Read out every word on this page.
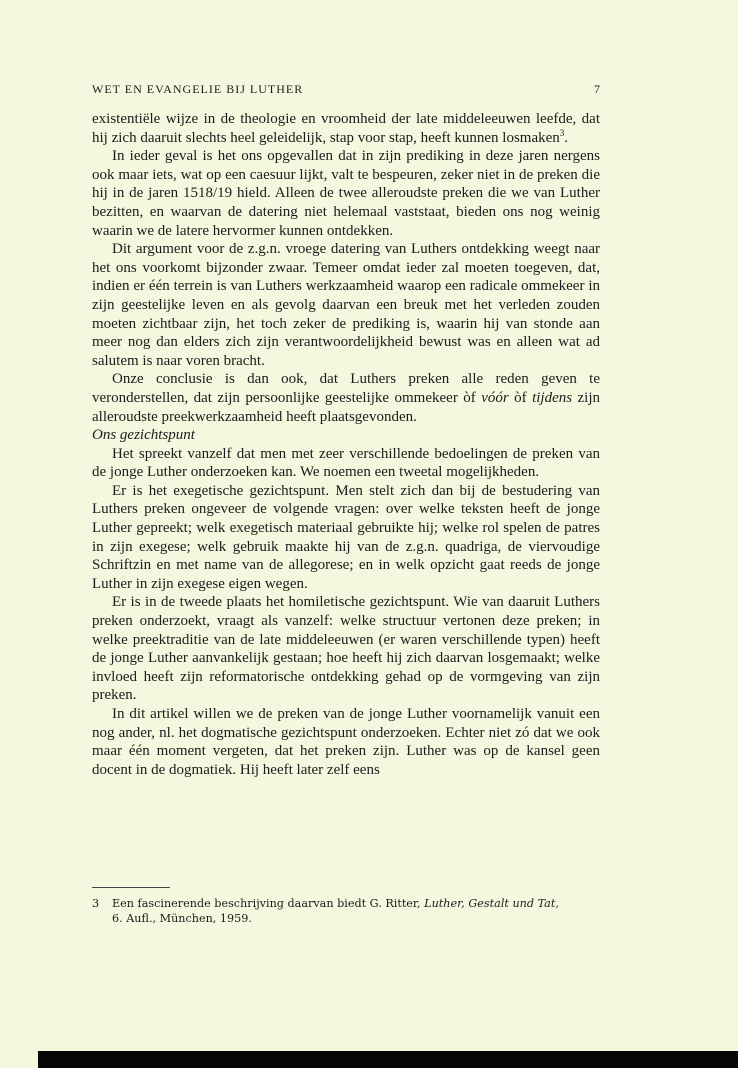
WET EN EVANGELIE BIJ LUTHER	7

existentiële wijze in de theologie en vroomheid der late middeleeuwen leefde, dat hij zich daaruit slechts heel geleidelijk, stap voor stap, heeft kunnen losmaken$^3$.

In ieder geval is het ons opgevallen dat in zijn prediking in deze jaren nergens ook maar iets, wat op een caesuur lijkt, valt te bespeuren, zeker niet in de preken die hij in de jaren 1518/19 hield. Alleen de twee alleroudste preken die we van Luther bezitten, en waarvan de datering niet helemaal vaststaat, bieden ons nog weinig waarin we de latere hervormer kunnen ontdekken.

Dit argument voor de z.g.n. vroege datering van Luthers ontdekking weegt naar het ons voorkomt bijzonder zwaar. Temeer omdat ieder zal moeten toegeven, dat, indien er één terrein is van Luthers werkzaamheid waarop een radicale ommekeer in zijn geestelijke leven en als gevolg daarvan een breuk met het verleden zouden moeten zichtbaar zijn, het toch zeker de prediking is, waarin hij van stonde aan meer nog dan elders zich zijn verantwoordelijkheid bewust was en alleen wat ad salutem is naar voren bracht.

Onze conclusie is dan ook, dat Luthers preken alle reden geven te veronderstellen, dat zijn persoonlijke geestelijke ommekeer òf vóór òf tijdens zijn alleroudste preekwerkzaamheid heeft plaatsgevonden.

Ons gezichtspunt

Het spreekt vanzelf dat men met zeer verschillende bedoelingen de preken van de jonge Luther onderzoeken kan. We noemen een tweetal mogelijkheden.

Er is het exegetische gezichtspunt. Men stelt zich dan bij de bestudering van Luthers preken ongeveer de volgende vragen: over welke teksten heeft de jonge Luther gepreekt; welk exegetisch materiaal gebruikte hij; welke rol spelen de patres in zijn exegese; welk gebruik maakte hij van de z.g.n. quadriga, de viervoudige Schriftzin en met name van de allegorese; en in welk opzicht gaat reeds de jonge Luther in zijn exegese eigen wegen.

Er is in de tweede plaats het homiletische gezichtspunt. Wie van daaruit Luthers preken onderzoekt, vraagt als vanzelf: welke structuur vertonen deze preken; in welke preektraditie van de late middeleeuwen (er waren verschillende typen) heeft de jonge Luther aanvankelijk gestaan; hoe heeft hij zich daarvan losgemaakt; welke invloed heeft zijn reformatorische ontdekking gehad op de vormgeving van zijn preken.

In dit artikel willen we de preken van de jonge Luther voornamelijk vanuit een nog ander, nl. het dogmatische gezichtspunt onderzoeken. Echter niet zó dat we ook maar één moment vergeten, dat het preken zijn. Luther was op de kansel geen docent in de dogmatiek. Hij heeft later zelf eens

3 Een fascinerende beschrijving daarvan biedt G. Ritter, Luther, Gestalt und Tat,
6. Aufl., München, 1959.
